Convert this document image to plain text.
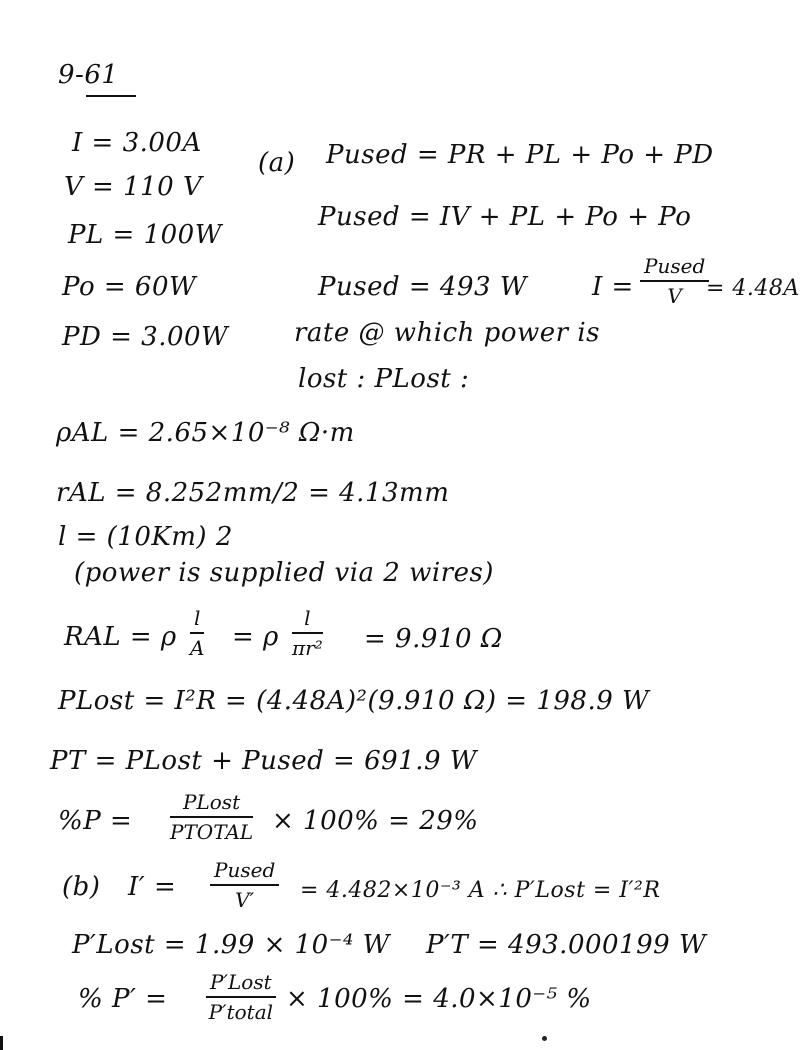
9-61
I = 3.00A
V = 110 V
PL = 100W
Po = 60W
PD = 3.00W
(a) Pused = PR + PL + Po + PD
Pused = IV + PL + Po + Po
Pused = 493 W I =
Pused
V	= 4.48A
rate @ which power is
lost : PLost :
ρAL = 2.65×10⁻⁸ Ω·m
rAL = 8.252mm/2 = 4.13mm
l = (10Km) 2
(power is supplied via 2 wires)
RAL = ρ $\frac{l}{A} = \rho \frac{l}{\text{πr²}} = 9.910$ Ω
PLost = I²R = (4.48A)²(9.910 Ω) = 198.9 W
PT = PLost + Pused = 691.9 W
%P =
PLost
PTOTAL × 100% = 29%
(b) I′ =
Pused
V′	= 4.482×10⁻³ A ∴ P′Lost = I′²R
P′Lost = 1.99 × 10⁻⁴ W P′T = 493.000199 W
% P′ =
P′Lost
P′total × 100% = 4.0×10⁻⁵ %
